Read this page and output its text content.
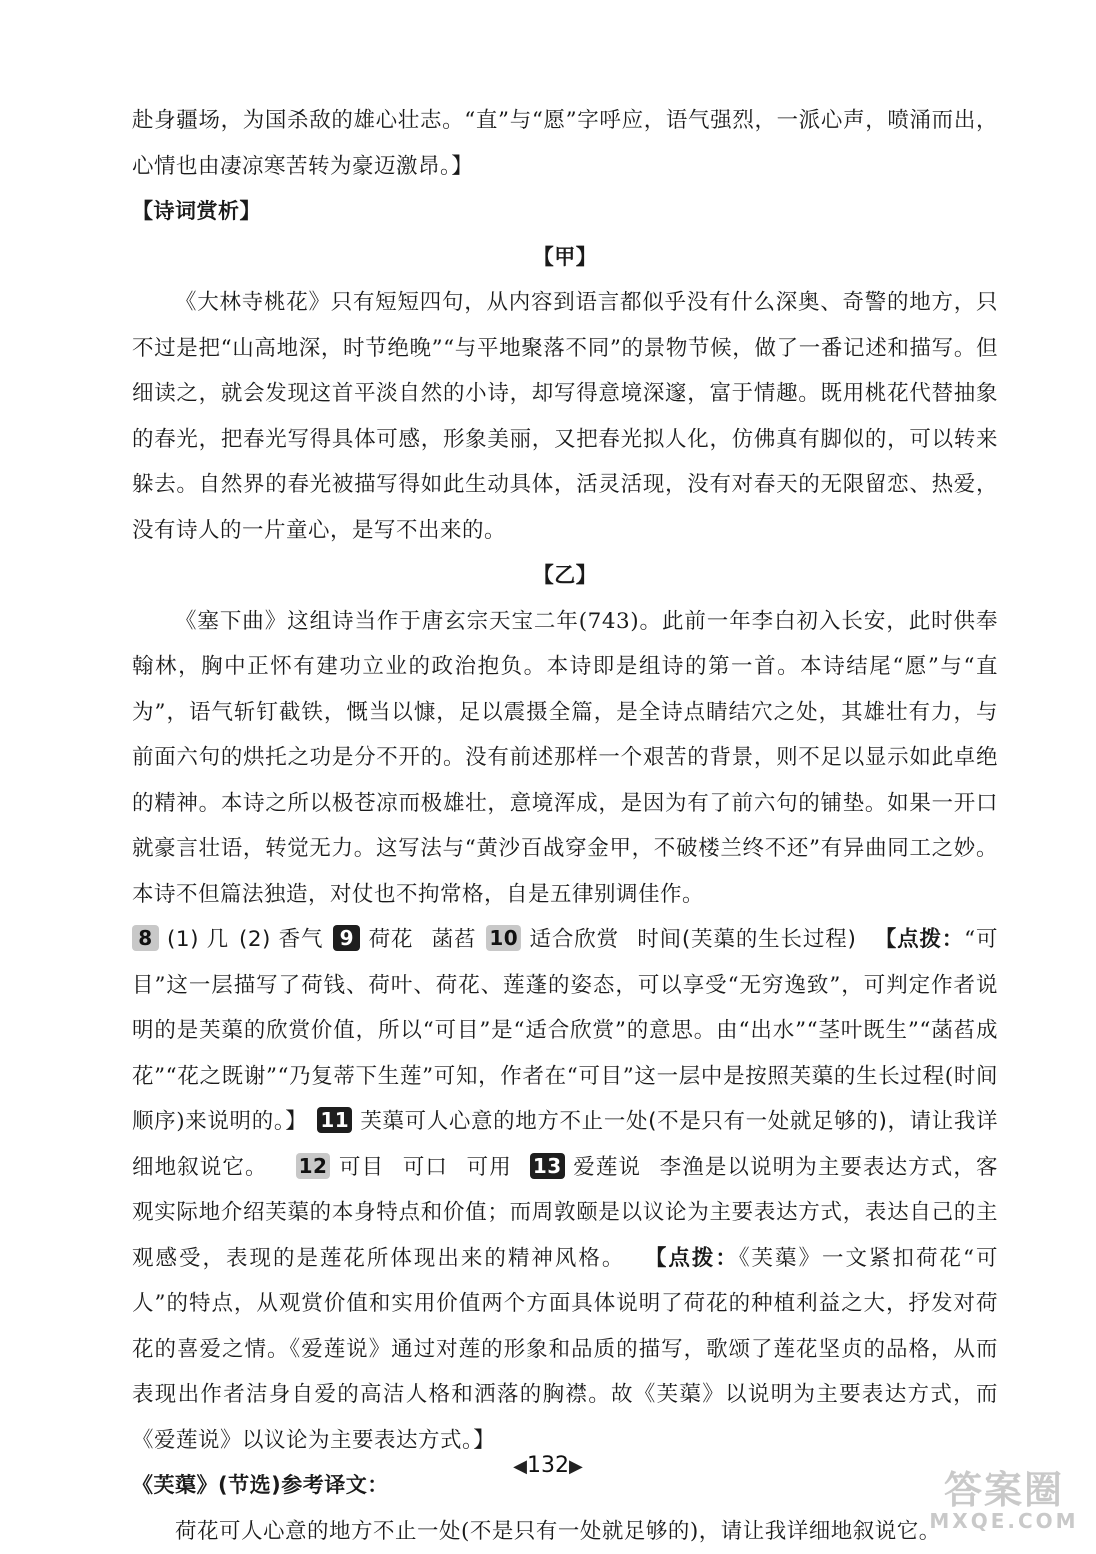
赴身疆场，为国杀敌的雄心壮志。“直”与“愿”字呼应，语气强烈，一派心声，喷涌而出，心情也由凄凉寒苦转为豪迈激昂。】

【诗词赏析】

【甲】

《大林寺桃花》只有短短四句，从内容到语言都似乎没有什么深奥、奇警的地方，只不过是把“山高地深，时节绝晚”“与平地聚落不同”的景物节候，做了一番记述和描写。但细读之，就会发现这首平淡自然的小诗，却写得意境深邃，富于情趣。既用桃花代替抽象的春光，把春光写得具体可感，形象美丽，又把春光拟人化，仿佛真有脚似的，可以转来躲去。自然界的春光被描写得如此生动具体，活灵活现，没有对春天的无限留恋、热爱，没有诗人的一片童心，是写不出来的。

【乙】

《塞下曲》这组诗当作于唐玄宗天宝二年(743)。此前一年李白初入长安，此时供奉翰林，胸中正怀有建功立业的政治抱负。本诗即是组诗的第一首。本诗结尾“愿”与“直为”，语气斩钉截铁，慨当以慷，足以震摄全篇，是全诗点睛结穴之处，其雄壮有力，与前面六句的烘托之功是分不开的。没有前述那样一个艰苦的背景，则不足以显示如此卓绝的精神。本诗之所以极苍凉而极雄壮，意境浑成，是因为有了前六句的铺垫。如果一开口就豪言壮语，转觉无力。这写法与“黄沙百战穿金甲，不破楼兰终不还”有异曲同工之妙。本诗不但篇法独造，对仗也不拘常格，自是五律别调佳作。

8 (1) 几 (2) 香气 9 荷花 菡萏 10 适合欣赏 时间(芙蕖的生长过程) 【点拨：“可目”这一层描写了荷钱、荷叶、荷花、莲蓬的姿态，可以享受“无穷逸致”，可判定作者说明的是芙蕖的欣赏价值，所以“可目”是“适合欣赏”的意思。由“出水”“茎叶既生”“菡萏成花”“花之既谢”“乃复蒂下生莲”可知，作者在“可目”这一层中是按照芙蕖的生长过程(时间顺序)来说明的。】 11 芙蕖可人心意的地方不止一处(不是只有一处就足够的)，请让我详细地叙说它。 12 可目 可口 可用 13 爱莲说 李渔是以说明为主要表达方式，客观实际地介绍芙蕖的本身特点和价值；而周敦颐是以议论为主要表达方式，表达自己的主观感受，表现的是莲花所体现出来的精神风格。 【点拨：《芙蕖》一文紧扣荷花“可人”的特点，从观赏价值和实用价值两个方面具体说明了荷花的种植利益之大，抒发对荷花的喜爱之情。《爱莲说》通过对莲的形象和品质的描写，歌颂了莲花坚贞的品格，从而表现出作者洁身自爱的高洁人格和洒落的胸襟。故《芙蕖》以说明为主要表达方式，而《爱莲说》以议论为主要表达方式。】

《芙蕖》(节选)参考译文：

荷花可人心意的地方不止一处(不是只有一处就足够的)，请让我详细地叙说它。

◀132▶
答案圈
MXQE.COM
